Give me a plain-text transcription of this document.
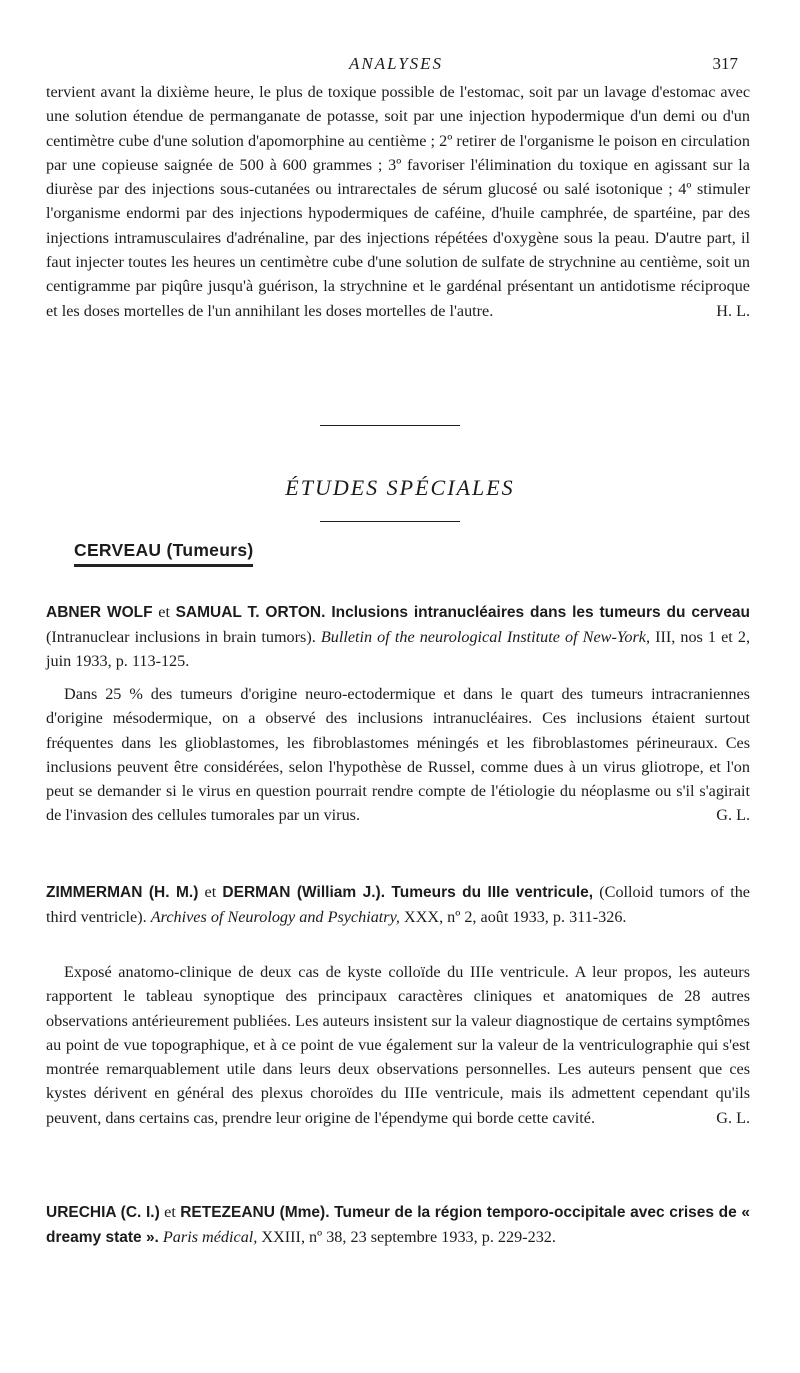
ANALYSES	317

tervient avant la dixième heure, le plus de toxique possible de l'estomac, soit par un lavage d'estomac avec une solution étendue de permanganate de potasse, soit par une injection hypodermique d'un demi ou d'un centimètre cube d'une solution d'apomorphine au centième ; 2º retirer de l'organisme le poison en circulation par une copieuse saignée de 500 à 600 grammes ; 3º favoriser l'élimination du toxique en agissant sur la diurèse par des injections sous-cutanées ou intrarectales de sérum glucosé ou salé isotonique ; 4º stimuler l'organisme endormi par des injections hypodermiques de caféine, d'huile camphrée, de spartéine, par des injections intramusculaires d'adrénaline, par des injections répétées d'oxygène sous la peau. D'autre part, il faut injecter toutes les heures un centimètre cube d'une solution de sulfate de strychnine au centième, soit un centigramme par piqûre jusqu'à guérison, la strychnine et le gardénal présentant un antidotisme réciproque et les doses mortelles de l'un annihilant les doses mortelles de l'autre.	H. L.

ÉTUDES SPÉCIALES
CERVEAU (Tumeurs)

ABNER WOLF et SAMUAL T. ORTON. Inclusions intranucléaires dans les tumeurs du cerveau (Intranuclear inclusions in brain tumors). Bulletin of the neurological Institute of New-York, III, nos 1 et 2, juin 1933, p. 113-125.

Dans 25 % des tumeurs d'origine neuro-ectodermique et dans le quart des tumeurs intracraniennes d'origine mésodermique, on a observé des inclusions intranucléaires. Ces inclusions étaient surtout fréquentes dans les glioblastomes, les fibroblastomes méningés et les fibroblastomes périneuraux. Ces inclusions peuvent être considérées, selon l'hypothèse de Russel, comme dues à un virus gliotrope, et l'on peut se demander si le virus en question pourrait rendre compte de l'étiologie du néoplasme ou s'il s'agirait de l'invasion des cellules tumorales par un virus.	G. L.

ZIMMERMAN (H. M.) et DERMAN (William J.). Tumeurs du IIIe ventricule, (Colloid tumors of the third ventricle). Archives of Neurology and Psychiatry, XXX, nº 2, août 1933, p. 311-326.

Exposé anatomo-clinique de deux cas de kyste colloïde du IIIe ventricule. A leur propos, les auteurs rapportent le tableau synoptique des principaux caractères cliniques et anatomiques de 28 autres observations antérieurement publiées. Les auteurs insistent sur la valeur diagnostique de certains symptômes au point de vue topographique, et à ce point de vue également sur la valeur de la ventriculographie qui s'est montrée remarquablement utile dans leurs deux observations personnelles. Les auteurs pensent que ces kystes dérivent en général des plexus choroïdes du IIIe ventricule, mais ils admettent cependant qu'ils peuvent, dans certains cas, prendre leur origine de l'épendyme qui borde cette cavité.	G. L.

URECHIA (C. I.) et RETEZEANU (Mme). Tumeur de la région temporo-occipitale avec crises de « dreamy state ». Paris médical, XXIII, nº 38, 23 septembre 1933, p. 229-232.
